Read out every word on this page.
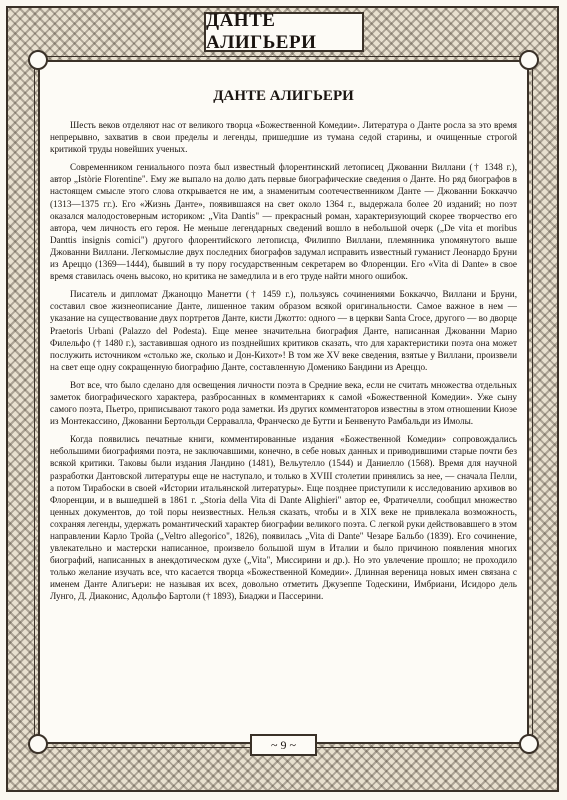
ДАНТЕ АЛИГЬЕРИ
ДАНТЕ АЛИГЬЕРИ

Шесть веков отделяют нас от великого творца «Божественной Комедии». Литература о Данте росла за это время непрерывно, захватив в свои пределы и легенды, пришедшие из тумана седой старины, и очищенные строгой критикой труды новейших ученых.

Современником гениального поэта был известный флорентинский летописец Джованни Виллани († 1348 г.), автор „Istòrie Florentine". Ему же выпало на долю дать первые биографические сведения о Данте. Но ряд биографов в настоящем смысле этого слова открывается не им, а знаменитым соотечественником Данте — Джованни Боккаччо (1313—1375 гг.). Его «Жизнь Данте», появившаяся на свет около 1364 г., выдержала более 20 изданий; но поэт оказался малодостоверным историком: „Vita Dantis" — прекрасный роман, характеризующий скорее творчество его автора, чем личность его героя. Не меньше легендарных сведений вошло в небольшой очерк („De vita et moribus Danttis insignis comici") другого флорентийского летописца, Филиппо Виллани, племянника упомянутого выше Джованни Виллани. Легкомыслие двух последних биографов задумал исправить известный гуманист Леонардо Бруни из Ареццо (1369—1444), бывший в ту пору государственным секретарем во Флоренции. Его «Vita di Dante» в свое время ставилась очень высоко, но критика не замедлила и в его труде найти много ошибок.

Писатель и дипломат Джаноццо Манетти († 1459 г.), пользуясь сочинениями Боккаччо, Виллани и Бруни, составил свое жизнеописание Данте, лишенное таким образом всякой оригинальности. Самое важное в нем — указание на существование двух портретов Данте, кисти Джотто: одного — в церкви Santa Croce, другого — во дворце Praetoris Urbani (Palazzo del Podesta). Еще менее значительна биография Данте, написанная Джованни Марио Филельфо († 1480 г.), заставившая одного из позднейших критиков сказать, что для характеристики поэта она может послужить источником «столько же, сколько и Дон-Кихот»! В том же XV веке сведения, взятые у Виллани, произвели на свет еще одну сокращенную биографию Данте, составленную Доменико Бандини из Ареццо.

Вот все, что было сделано для освещения личности поэта в Средние века, если не считать множества отдельных заметок биографического характера, разбросанных в комментариях к самой «Божественной Комедии». Уже сыну самого поэта, Пьетро, приписывают такого рода заметки. Из других комментаторов известны в этом отношении Киоэе из Монтекассино, Джованни Бертольди Серравалла, Франческо де Бутти и Бенвенуто Рамбальди из Имолы.

Когда появились печатные книги, комментированные издания «Божественной Комедии» сопровождались небольшими биографиями поэта, не заключавшими, конечно, в себе новых данных и приводившими старые почти без всякой критики. Таковы были издания Ландино (1481), Вельутелло (1544) и Даниелло (1568). Время для научной разработки Дантовской литературы еще не наступало, и только в XVIII столетии принялись за нее, — сначала Пелли, а потом Тирабоски в своей «Истории итальянской литературы». Еще позднее приступили к исследованию архивов во Флоренции, и в вышедшей в 1861 г. „Storia della Vita di Dante Alighieri" автор ее, Фратичелли, сообщил множество ценных документов, до той поры неизвестных. Нельзя сказать, чтобы и в XIX веке не привлекала возможность, сохраняя легенды, удержать романтический характер биографии великого поэта. С легкой руки действовавшего в этом направлении Карло Тройа („Veltro allegorico", 1826), появилась „Vita di Dante" Чезаре Бальбо (1839). Его сочинение, увлекательно и мастерски написанное, произвело большой шум в Италии и было причиною появления многих биографий, написанных в анекдотическом духе („Vita", Миссирини и др.). Но это увлечение прошло; не проходило только желание изучать все, что касается творца «Божественной Комедии». Длинная вереница новых имен связана с именем Данте Алигьери: не называя их всех, довольно отметить Джуэеппе Тодескини, Имбриани, Исидоро дель Лунго, Д. Диаконис, Адольфо Бартоли († 1893), Биаджи и Пассерини.

~ 9 ~
